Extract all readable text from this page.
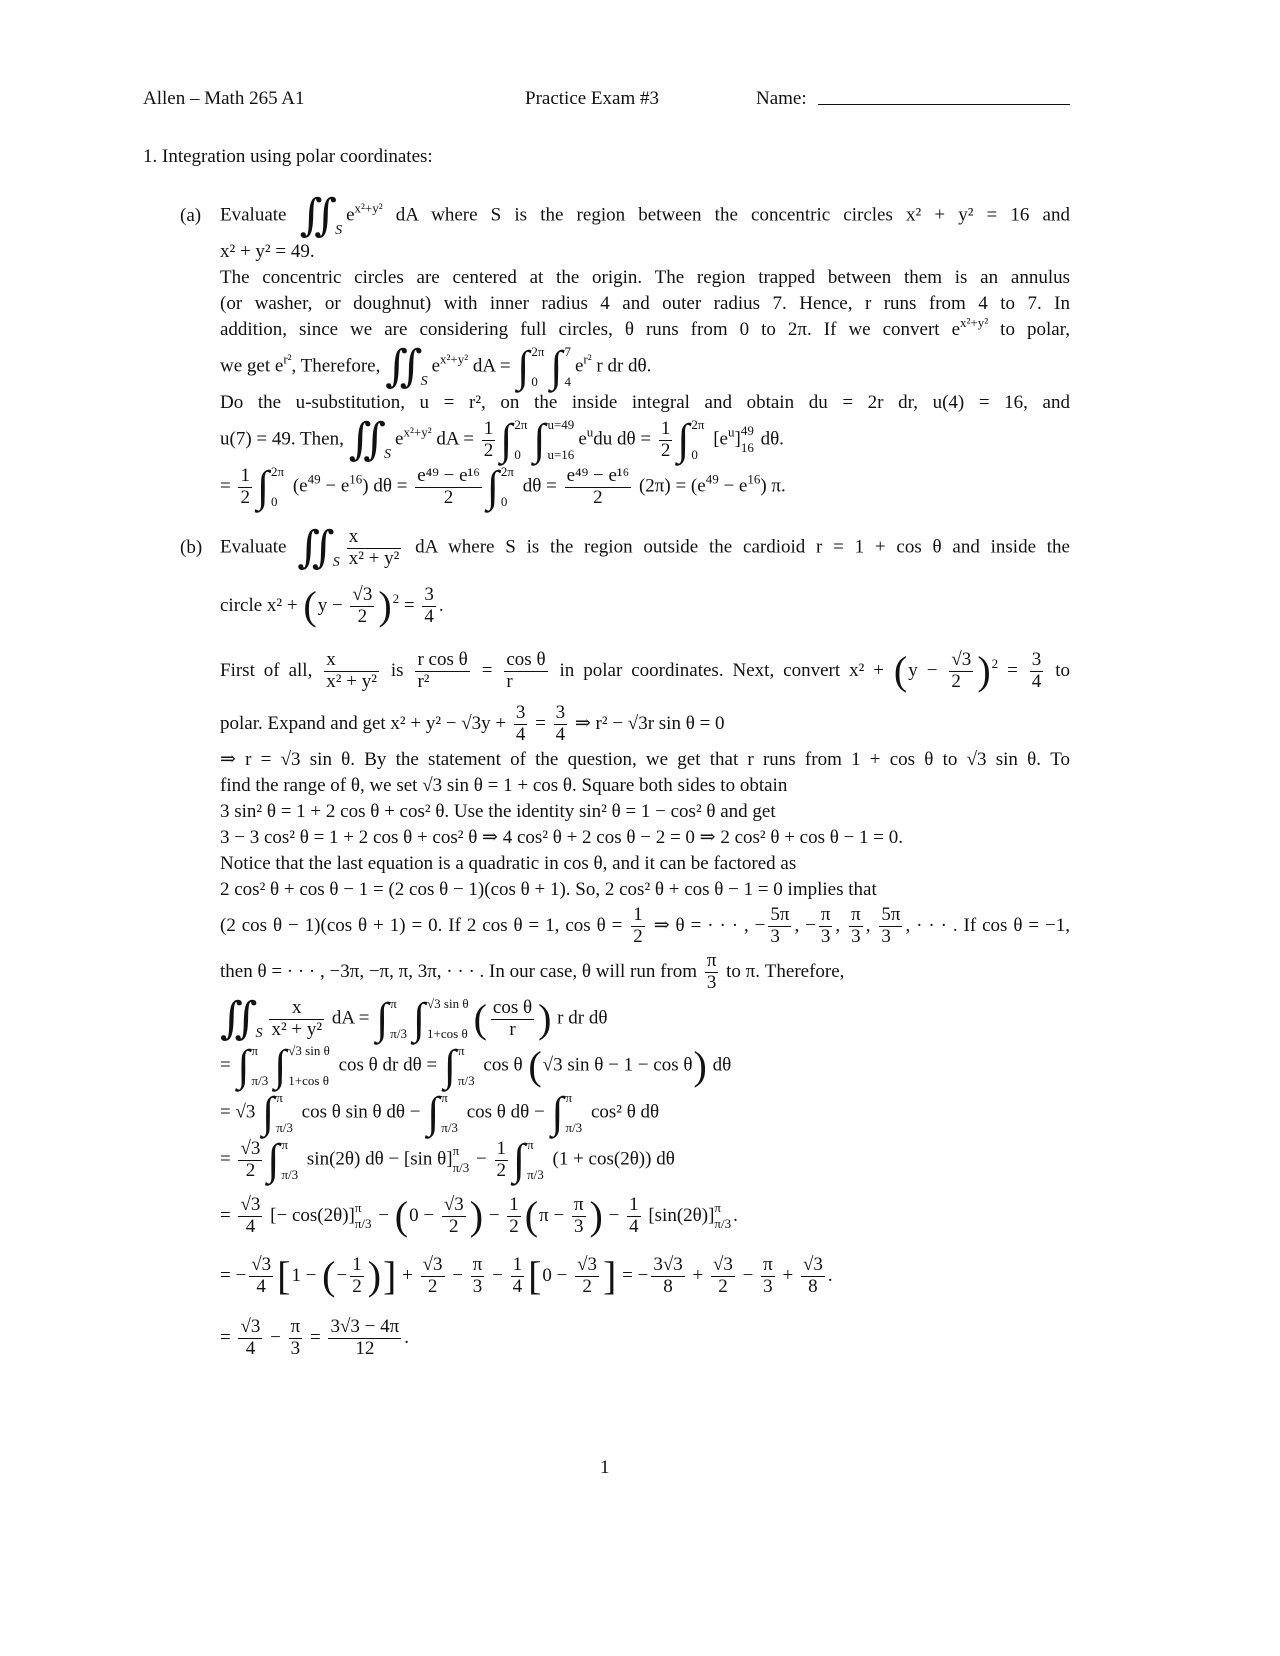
Allen – Math 265 A1	Practice Exam #3	Name:
1. Integration using polar coordinates:
(a)
(b)
Evaluate ∬
S
$e^{x^2+y^2}$ dA where S is the region between the concentric circles x² + y² = 16 and
x² + y² = 49.
The concentric circles are centered at the origin. The region trapped between them is an annulus
(or washer, or doughnut) with inner radius 4 and outer radius 7. Hence, r runs from 4 to 7. In
addition, since we are considering full circles, θ runs from 0 to 2π. If we convert $e^{x^2+y^2}$ to polar,
we get $e^{r^2}$, Therefore, ∬
S
$e^{x^2+y^2}$ dA = ∫ 2π
0 ∫ 7
4
$e^{r^2}$ r dr dθ.
Do the u-substitution, u = r², on the inside integral and obtain du = 2r dr, u(4) = 16, and
u(7) = 49. Then, ∬
S
$e^{x^2+y^2}$ dA = $\frac{1}{2}$ ∫ 2π
0 ∫ u=49
u=16
$e^udu$ $d\theta = \frac{1}{2}$ ∫ 2π
0
$[e^u]$ 49
16 dθ.
= $\frac{1}{2}$ ∫ 2π
0
$(e^{49} - e^{16}) d\theta = \frac{\text{e⁴⁹ − e¹⁶}}{2}$ ∫ 2π
0
$d\theta = \frac{\text{e⁴⁹ − e¹⁶}}{2} (2\pi) = (e^{49} - e^{16})$ π.
Evaluate ∬
S $\frac{x}{\text{x² + y²}}$ dA where S is the region outside the cardioid r = 1 + cos θ and inside the
circle $x^2 + (y - \frac{√3}{2} )^2 = \frac{3}{4}$ .
First of all, $\frac{x}{\text{x² + y²}}$ is $\frac{\text{r cos θ}}{\text{r²}} = \frac{\text{cos θ}}{r}$ in polar coordinates. Next, convert $x^2 + (y - \frac{√3}{2} )^2 = \frac{3}{4}$ to
polar. Expand and get $x^2 + y^2 - √3y + \frac{3}{4} = \frac{3}{4}$ ⇒ r² − √3r sin θ = 0
⇒ r = √3 sin θ. By the statement of the question, we get that r runs from 1 + cos θ to √3 sin θ. To
find the range of θ, we set √3 sin θ = 1 + cos θ. Square both sides to obtain
3 sin² θ = 1 + 2 cos θ + cos² θ. Use the identity sin² θ = 1 − cos² θ and get
3 − 3 cos² θ = 1 + 2 cos θ + cos² θ ⇒ 4 cos² θ + 2 cos θ − 2 = 0 ⇒ 2 cos² θ + cos θ − 1 = 0.
Notice that the last equation is a quadratic in cos θ, and it can be factored as
2 cos² θ + cos θ − 1 = (2 cos θ − 1)(cos θ + 1). So, 2 cos² θ + cos θ − 1 = 0 implies that
(2 cos θ − 1)(cos θ + 1) = 0. If 2 cos θ = 1, $\cos \theta = \frac{1}{2}$ ⇒ θ = · · · , − $\frac{5\pi}{3}$ , − $\frac{\pi}{3}$ , $\frac{\pi}{3}$ , $\frac{5\pi}{3}$ , · · · . If cos θ = −1,
then θ = · · · , −3π, −π, π, 3π, · · · . In our case, θ will run from $\frac{\pi}{3}$ to π. Therefore,
∬
S $\frac{x}{\text{x² + y²}}$ dA = ∫ π
π/3 ∫ √3 sin θ
1+cos θ ( $\frac{\text{cos θ}}{r}$ ) r dr dθ
= ∫ π
π/3 ∫ √3 sin θ
1+cos θ
cos θ dr dθ = ∫ π
π/3
cos θ (√3 sin θ − 1 − cos θ) dθ
= √3 ∫ π
π/3
cos θ sin θ dθ − ∫ π
π/3
cos θ dθ − ∫ π
π/3
cos² θ dθ
= $\frac{√3}{2}$ ∫ π
π/3
sin(2θ) dθ − [sin θ] π
$\pi/3 - \frac{1}{2}$ ∫ π
π/3
(1 + cos(2θ)) dθ
= $\frac{√3}{4}$ [− cos(2θ)] π
$\pi/3 - (0 - \frac{√3}{2}$ ) − $\frac{1}{2} (\pi - \frac{\pi}{3}$ ) − $\frac{1}{4} [\sin(2\theta)]$ π
π/3 .
= − $\frac{√3}{4} [1$ − (− $\frac{1}{2}$ )] + $\frac{√3}{2} - \frac{\pi}{3} - \frac{1}{4} [0 - \frac{√3}{2}$ ] = − $\frac{3√3}{8} + \frac{√3}{2} - \frac{\pi}{3} + \frac{√3}{8}$ .
= $\frac{√3}{4} - \frac{\pi}{3} = \frac{3√3 - 4\pi}{12}$ .
1
